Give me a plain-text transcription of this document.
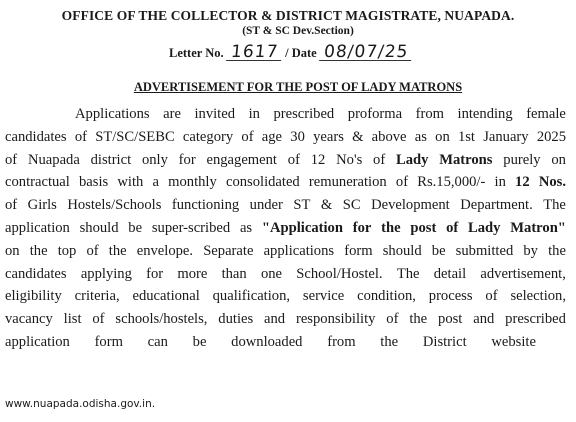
OFFICE OF THE COLLECTOR & DISTRICT MAGISTRATE, NUAPADA.
(ST & SC Dev.Section)
Letter No. 1617 / Date 08/07/25
ADVERTISEMENT FOR THE POST OF LADY MATRONS
Applications are invited in prescribed proforma from intending female
candidates of ST/SC/SEBC category of age 30 years & above as on 1st January 2025
of Nuapada district only for engagement of 12 No's of Lady Matrons purely on
contractual basis with a monthly consolidated remuneration of Rs.15,000/- in 12 Nos.
of Girls Hostels/Schools functioning under ST & SC Development Department. The
application should be super-scribed as "Application for the post of Lady Matron"
on the top of the envelope. Separate applications form should be submitted by the
candidates applying for more than one School/Hostel. The detail advertisement,
eligibility criteria, educational qualification, service condition, process of selection,
vacancy list of schools/hostels, duties and responsibility of the post and prescribed
application form can be downloaded from the District website
www.nuapada.odisha.gov.in.
